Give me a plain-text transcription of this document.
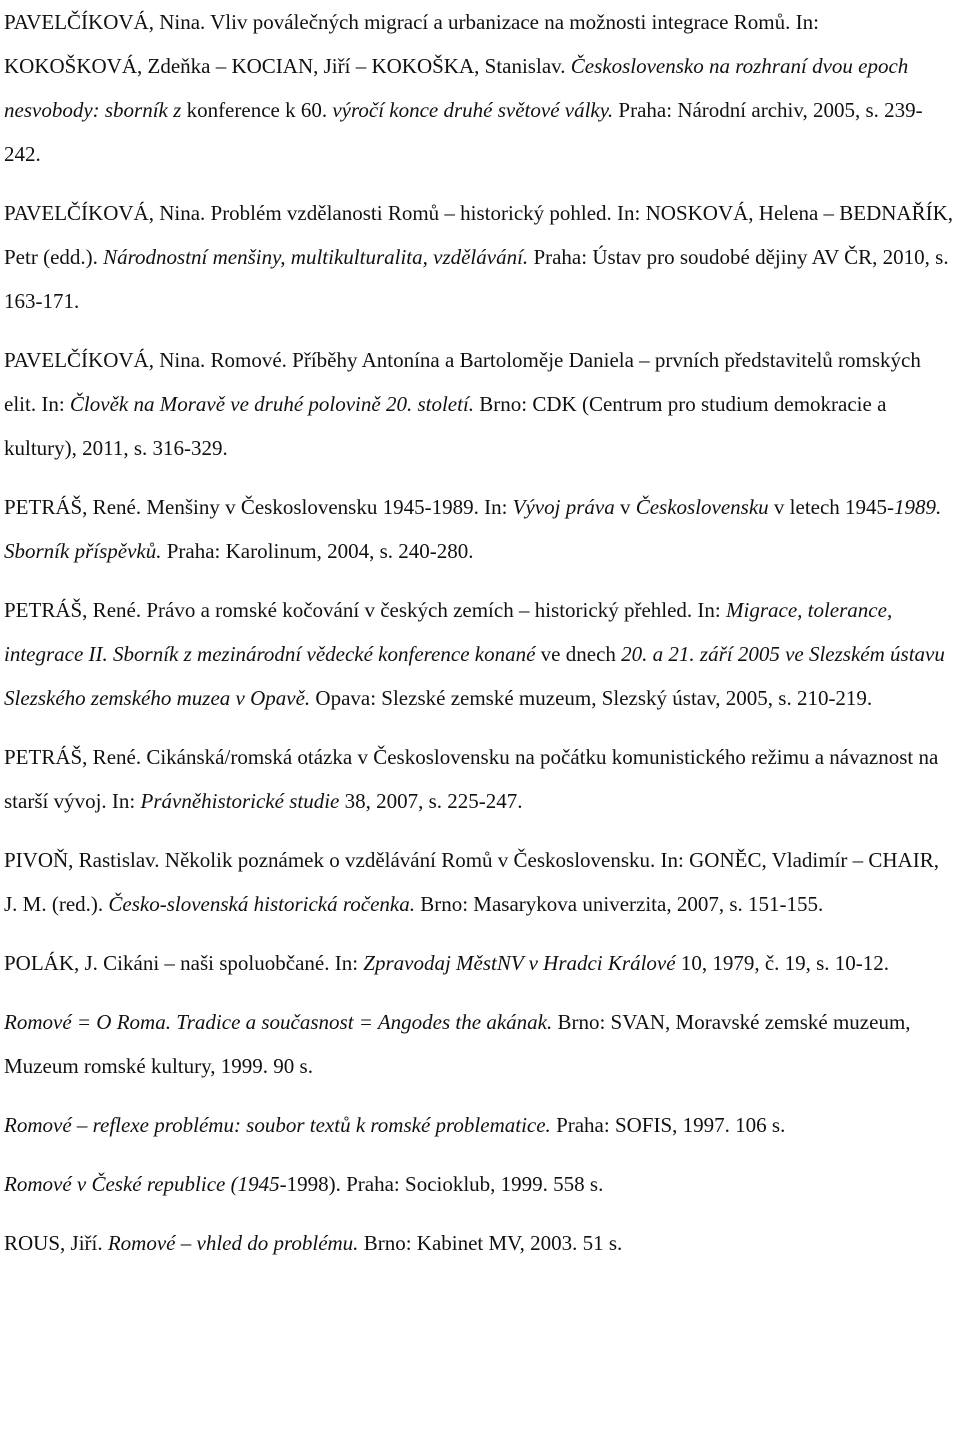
PAVELČÍKOVÁ, Nina. Vliv poválečných migrací a urbanizace na možnosti integrace Romů. In: KOKOŠKOVÁ, Zdeňka – KOCIAN, Jiří – KOKOŠKA, Stanislav. Československo na rozhraní dvou epoch nesvobody: sborník z konference k 60. výročí konce druhé světové války. Praha: Národní archiv, 2005, s. 239-242.

PAVELČÍKOVÁ, Nina. Problém vzdělanosti Romů – historický pohled. In: NOSKOVÁ, Helena – BEDNAŘÍK, Petr (edd.). Národnostní menšiny, multikulturalita, vzdělávání. Praha: Ústav pro soudobé dějiny AV ČR, 2010, s. 163-171.

PAVELČÍKOVÁ, Nina. Romové. Příběhy Antonína a Bartoloměje Daniela – prvních představitelů romských elit. In: Člověk na Moravě ve druhé polovině 20. století. Brno: CDK (Centrum pro studium demokracie a kultury), 2011, s. 316-329.

PETRÁŠ, René. Menšiny v Československu 1945-1989. In: Vývoj práva v Československu v letech 1945-1989. Sborník příspěvků. Praha: Karolinum, 2004, s. 240-280.

PETRÁŠ, René. Právo a romské kočování v českých zemích – historický přehled. In: Migrace, tolerance, integrace II. Sborník z mezinárodní vědecké konference konané ve dnech 20. a 21. září 2005 ve Slezském ústavu Slezského zemského muzea v Opavě. Opava: Slezské zemské muzeum, Slezský ústav, 2005, s. 210-219.

PETRÁŠ, René. Cikánská/romská otázka v Československu na počátku komunistického režimu a návaznost na starší vývoj. In: Právněhistorické studie 38, 2007, s. 225-247.

PIVOŇ, Rastislav. Několik poznámek o vzdělávání Romů v Československu. In: GONĚC, Vladimír – CHAIR, J. M. (red.). Česko-slovenská historická ročenka. Brno: Masarykova univerzita, 2007, s. 151-155.

POLÁK, J. Cikáni – naši spoluobčané. In: Zpravodaj MěstNV v Hradci Králové 10, 1979, č. 19, s. 10-12.

Romové = O Roma. Tradice a současnost = Angodes the akának. Brno: SVAN, Moravské zemské muzeum, Muzeum romské kultury, 1999. 90 s.

Romové – reflexe problému: soubor textů k romské problematice. Praha: SOFIS, 1997. 106 s.

Romové v České republice (1945-1998). Praha: Socioklub, 1999. 558 s.

ROUS, Jiří. Romové – vhled do problému. Brno: Kabinet MV, 2003. 51 s.
